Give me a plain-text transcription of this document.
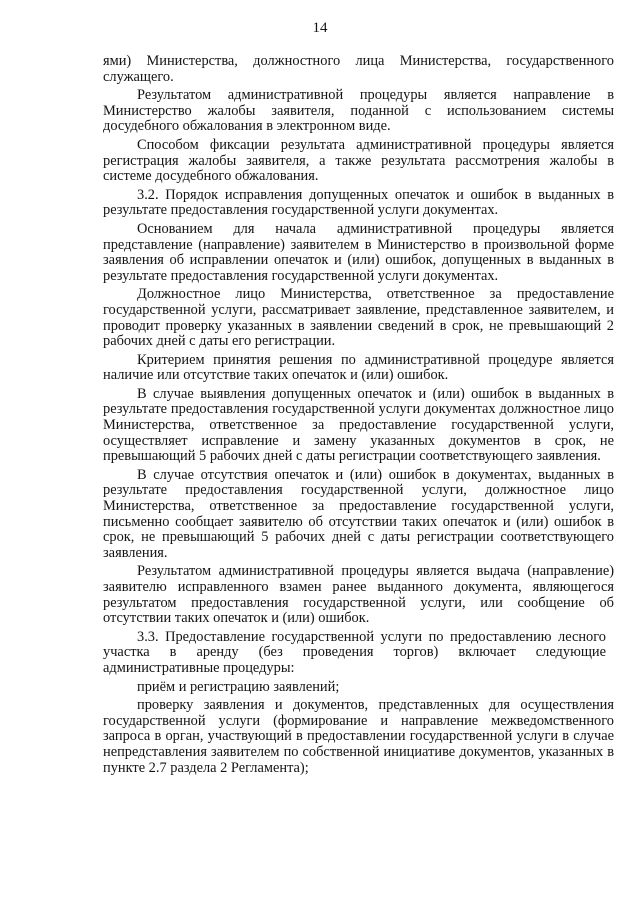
14

ями) Министерства, должностного лица Министерства, государственного служащего.

Результатом административной процедуры является направление в Министерство жалобы заявителя, поданной с использованием системы досудебного обжалования в электронном виде.

Способом фиксации результата административной процедуры является регистрация жалобы заявителя, а также результата рассмотрения жалобы в системе досудебного обжалования.

3.2. Порядок исправления допущенных опечаток и ошибок в выданных в результате предоставления государственной услуги документах.

Основанием для начала административной процедуры является представление (направление) заявителем в Министерство в произвольной форме заявления об исправлении опечаток и (или) ошибок, допущенных в выданных в результате предоставления государственной услуги документах.

Должностное лицо Министерства, ответственное за предоставление государственной услуги, рассматривает заявление, представленное заявителем, и проводит проверку указанных в заявлении сведений в срок, не превышающий 2 рабочих дней с даты его регистрации.

Критерием принятия решения по административной процедуре является наличие или отсутствие таких опечаток и (или) ошибок.

В случае выявления допущенных опечаток и (или) ошибок в выданных в результате предоставления государственной услуги документах должностное лицо Министерства, ответственное за предоставление государственной услуги, осуществляет исправление и замену указанных документов в срок, не превышающий 5 рабочих дней с даты регистрации соответствующего заявления.

В случае отсутствия опечаток и (или) ошибок в документах, выданных в результате предоставления государственной услуги, должностное лицо Министерства, ответственное за предоставление государственной услуги, письменно сообщает заявителю об отсутствии таких опечаток и (или) ошибок в срок, не превышающий 5 рабочих дней с даты регистрации соответствующего заявления.

Результатом административной процедуры является выдача (направление) заявителю исправленного взамен ранее выданного документа, являющегося результатом предоставления государственной услуги, или сообщение об отсутствии таких опечаток и (или) ошибок.

3.3. Предоставление государственной услуги по предоставлению лесного участка в аренду (без проведения торгов) включает следующие административные процедуры:

приём и регистрацию заявлений;

проверку заявления и документов, представленных для осуществления государственной услуги (формирование и направление межведомственного запроса в орган, участвующий в предоставлении государственной услуги в случае непредставления заявителем по собственной инициативе документов, указанных в пункте 2.7 раздела 2 Регламента);
